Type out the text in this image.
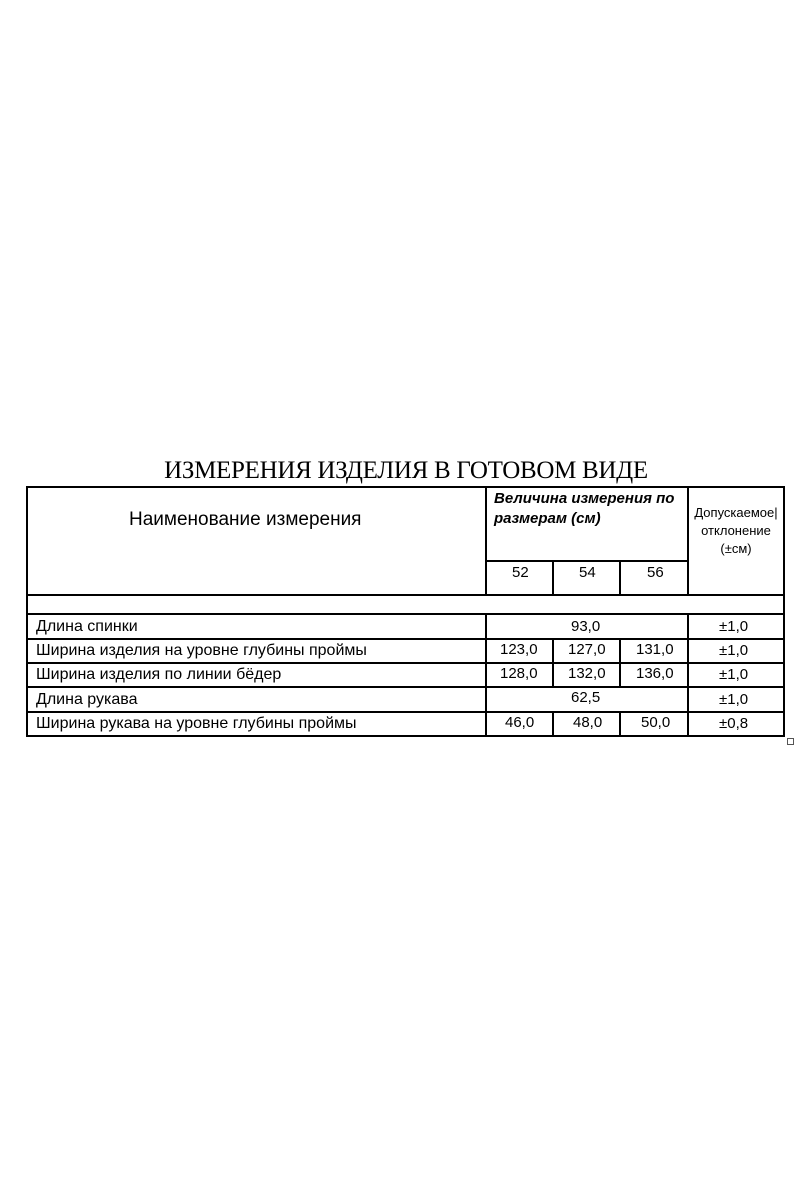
ИЗМЕРЕНИЯ ИЗДЕЛИЯ В ГОТОВОМ ВИДЕ
Наименование измерения
Величина измерения по
размерам (см)	Допускаемое|
отклонение
(±см)
52	54	56
Длина спинки	93,0	±1,0
Ширина изделия на уровне глубины проймы	123,0 127,0 131,0	±1,0
Ширина изделия по линии бёдер	128,0 132,0 136,0	±1,0
Длина рукава	62,5	±1,0
Ширина рукава на уровне глубины проймы	46,0	48,0	50,0	±0,8
